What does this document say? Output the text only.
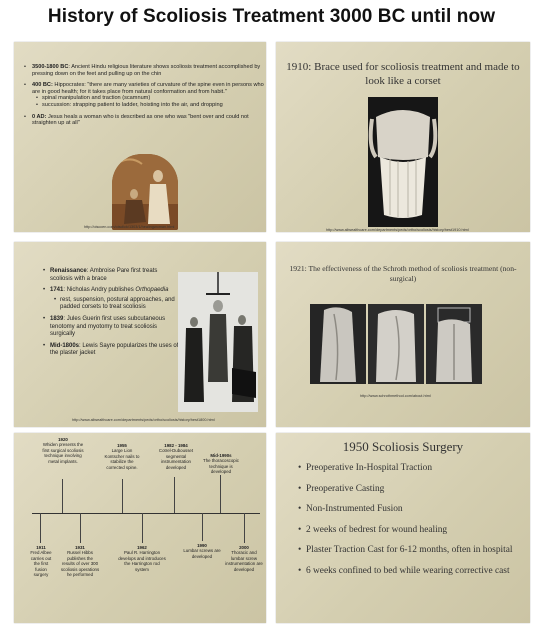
History of Scoliosis Treatment 3000 BC until now
• 3500-1800 BC: Ancient Hindu religious literature shows scoliosis treatment accomplished by pressing down on the feet and pulling up on the chin
• 400 BC: Hippocrates: "there are many varieties of curvature of the spine even in persons who are in good health; for it takes place from natural conformation and from habit."
• spinal manipulation and traction (scamnum)
• succussion: strapping patient to ladder, hoisting into the air, and dropping
• 0 AD: Jesus heals a woman who is described as one who was "bent over and could not straighten up at all"
http://oisccen.com/oisclick/1303/1/healingwoman.html
1910: Brace used for scoliosis treatment and made to look like a corset
http://www.allwealthcare.com/departments/peds/ortho/scoliosis/history/hest1910.html
• Renaissance: Ambroise Pare first treats scoliosis with a brace
• 1741: Nicholas Andry publishes Orthopaedia
• rest, suspension, postural approaches, and padded corsets to treat scoliosis
• 1839: Jules Guerin first uses subcutaneous tenotomy and myotomy to treat scoliosis surgically
• Mid-1800s: Lewis Sayre popularizes the uses of the plaster jacket
http://www.allwealthcare.com/departments/peds/ortho/scoliosis/history/hest1800.html
1921: The effectiveness of the Schroth method of scoliosis treatment (non-surgical)
http://www.schrothmethod.com/about.html
1920
Whiden presents the first surgical scoliosis technique involving metal implants.
1955
Large Lion Kontscher nails to stabilize the corrected spine.
1982 - 1984
Cotrel-Dubousset segmental instrumentation developed
Mid-1990s
The thoracoscopic technique is developed
1911
Fred Albee carries out the first fusion surgery
1931
Russel Hibbs publishes the results of over 300 scoliosis operations he performed
1962
Paul R. Harrington develops and introduces the Harrington rod system
1990
Lumbar screws are developed
2000
Thoracic and lumbar screw instrumentation are developed
1950 Scoliosis Surgery
• Preoperative In-Hospital Traction
• Preoperative Casting
• Non-Instrumented Fusion
• 2 weeks of bedrest for wound healing
• Plaster Traction Cast for 6-12 months, often in hospital
• 6 weeks confined to bed while wearing corrective cast
